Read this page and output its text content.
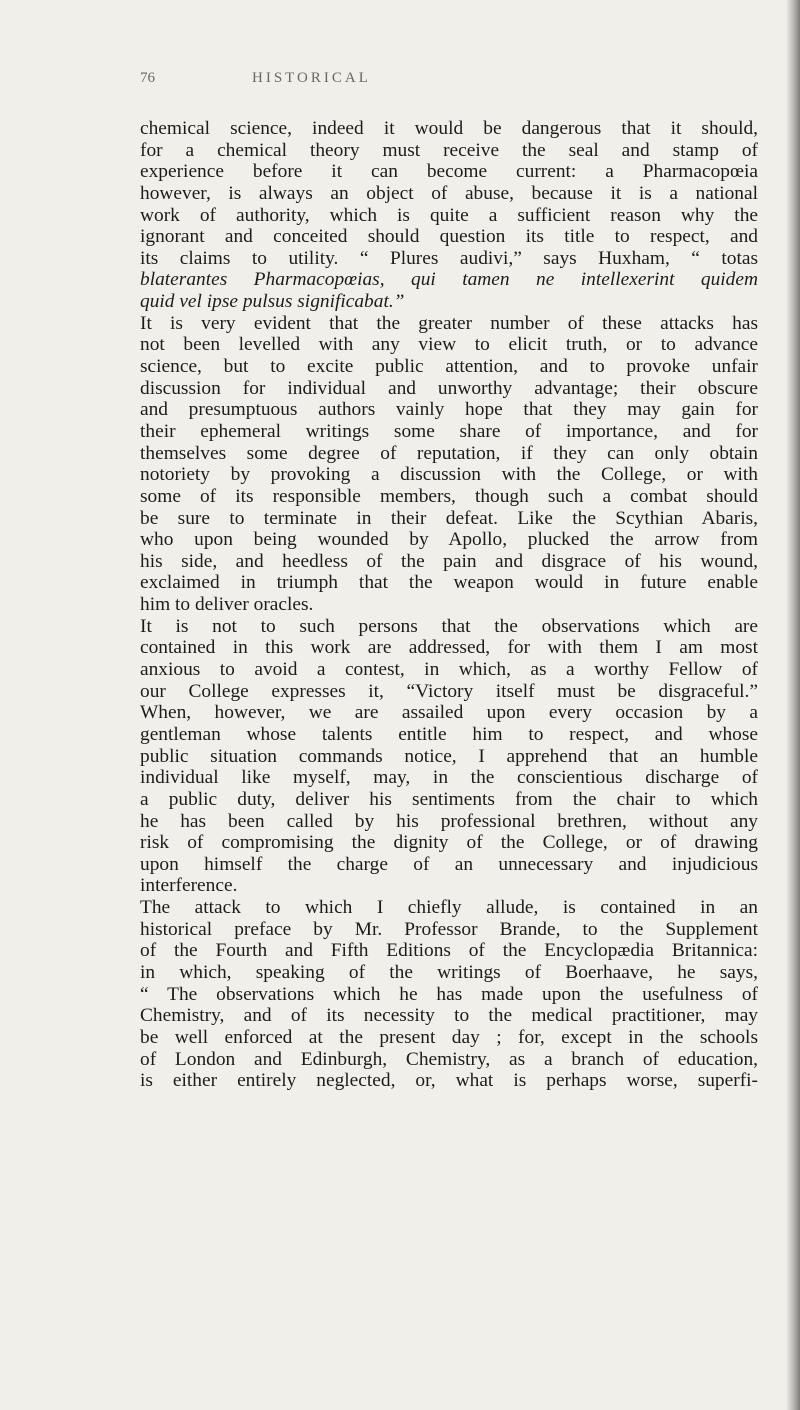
76	HISTORICAL
chemical science, indeed it would be dangerous that it should,
for a chemical theory must receive the seal and stamp of
experience before it can become current: a Pharmacopœia
however, is always an object of abuse, because it is a national
work of authority, which is quite a sufficient reason why the
ignorant and conceited should question its title to respect, and
its claims to utility. “ Plures audivi,” says Huxham, “ totas
blaterantes Pharmacopœias, qui tamen ne intellexerint quidem
quid vel ipse pulsus significabat.”
It is very evident that the greater number of these attacks has
not been levelled with any view to elicit truth, or to advance
science, but to excite public attention, and to provoke unfair
discussion for individual and unworthy advantage; their obscure
and presumptuous authors vainly hope that they may gain for
their ephemeral writings some share of importance, and for
themselves some degree of reputation, if they can only obtain
notoriety by provoking a discussion with the College, or with
some of its responsible members, though such a combat should
be sure to terminate in their defeat. Like the Scythian Abaris,
who upon being wounded by Apollo, plucked the arrow from
his side, and heedless of the pain and disgrace of his wound,
exclaimed in triumph that the weapon would in future enable
him to deliver oracles.
It is not to such persons that the observations which are
contained in this work are addressed, for with them I am most
anxious to avoid a contest, in which, as a worthy Fellow of
our College expresses it, “Victory itself must be disgraceful.”
When, however, we are assailed upon every occasion by a
gentleman whose talents entitle him to respect, and whose
public situation commands notice, I apprehend that an humble
individual like myself, may, in the conscientious discharge of
a public duty, deliver his sentiments from the chair to which
he has been called by his professional brethren, without any
risk of compromising the dignity of the College, or of drawing
upon himself the charge of an unnecessary and injudicious
interference.
The attack to which I chiefly allude, is contained in an
historical preface by Mr. Professor Brande, to the Supplement
of the Fourth and Fifth Editions of the Encyclopædia Britannica:
in which, speaking of the writings of Boerhaave, he says,
“ The observations which he has made upon the usefulness of
Chemistry, and of its necessity to the medical practitioner, may
be well enforced at the present day ; for, except in the schools
of London and Edinburgh, Chemistry, as a branch of education,
is either entirely neglected, or, what is perhaps worse, superfi-
